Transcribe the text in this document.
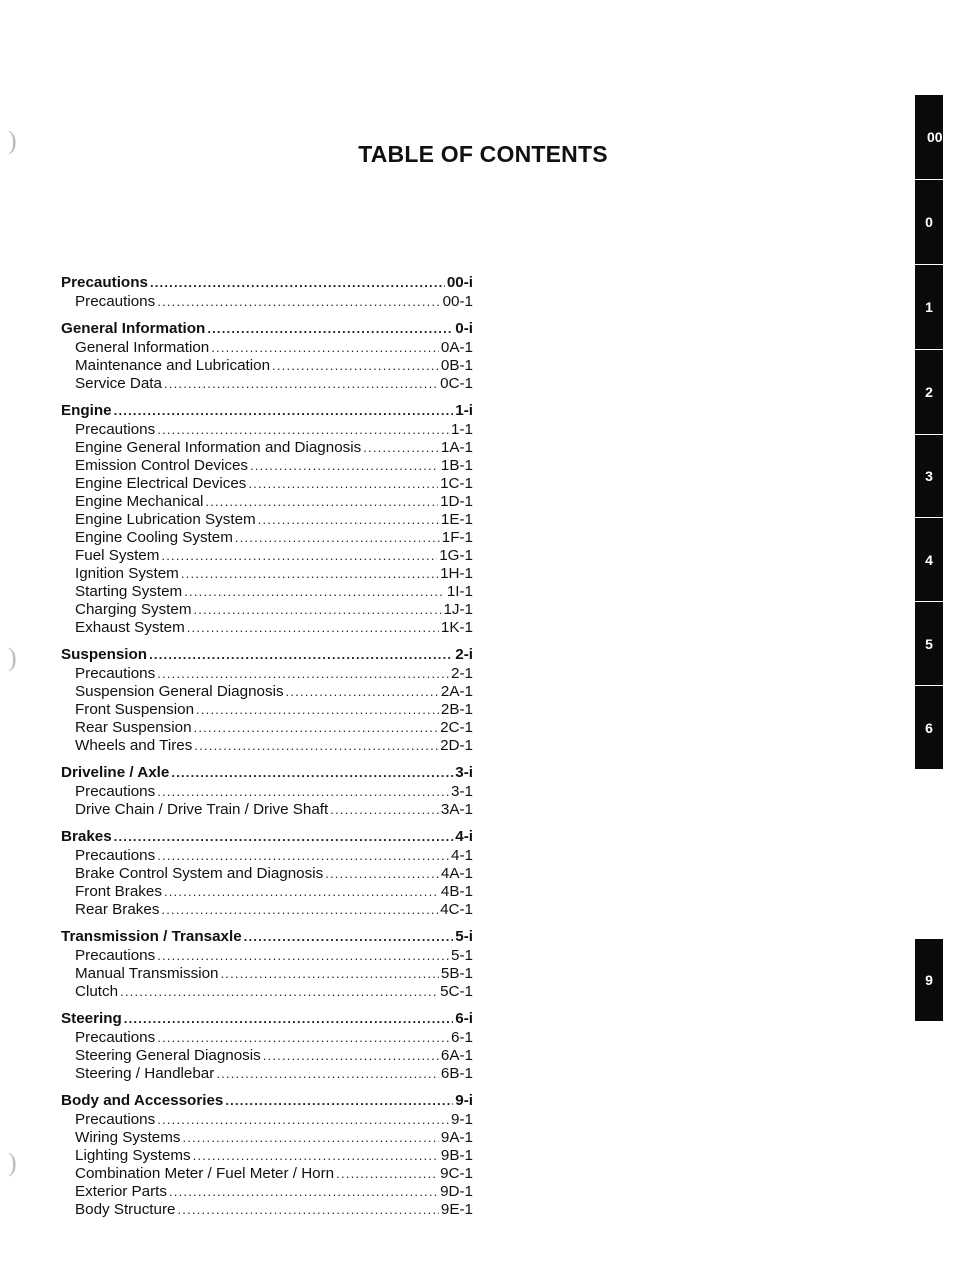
TABLE OF CONTENTS
Precautions .....	00-i
Precautions .....	00-1
General Information .....	0-i
General Information .....	0A-1
Maintenance and Lubrication .....	0B-1
Service Data .....	0C-1
Engine .....	1-i
Precautions .....	1-1
Engine General Information and Diagnosis .....	1A-1
Emission Control Devices .....	1B-1
Engine Electrical Devices .....	1C-1
Engine Mechanical .....	1D-1
Engine Lubrication System .....	1E-1
Engine Cooling System .....	1F-1
Fuel System .....	1G-1
Ignition System .....	1H-1
Starting System .....	1I-1
Charging System .....	1J-1
Exhaust System .....	1K-1
Suspension .....	2-i
Precautions .....	2-1
Suspension General Diagnosis .....	2A-1
Front Suspension .....	2B-1
Rear Suspension .....	2C-1
Wheels and Tires .....	2D-1
Driveline / Axle .....	3-i
Precautions .....	3-1
Drive Chain / Drive Train / Drive Shaft .....	3A-1
Brakes .....	4-i
Precautions .....	4-1
Brake Control System and Diagnosis .....	4A-1
Front Brakes .....	4B-1
Rear Brakes .....	4C-1
Transmission / Transaxle .....	5-i
Precautions .....	5-1
Manual Transmission .....	5B-1
Clutch .....	5C-1
Steering .....	6-i
Precautions .....	6-1
Steering General Diagnosis .....	6A-1
Steering / Handlebar .....	6B-1
Body and Accessories .....	9-i
Precautions .....	9-1
Wiring Systems .....	9A-1
Lighting Systems .....	9B-1
Combination Meter / Fuel Meter / Horn .....	9C-1
Exterior Parts .....	9D-1
Body Structure .....	9E-1
00
0
1
2
3
4
5
6
9
)
)
)
